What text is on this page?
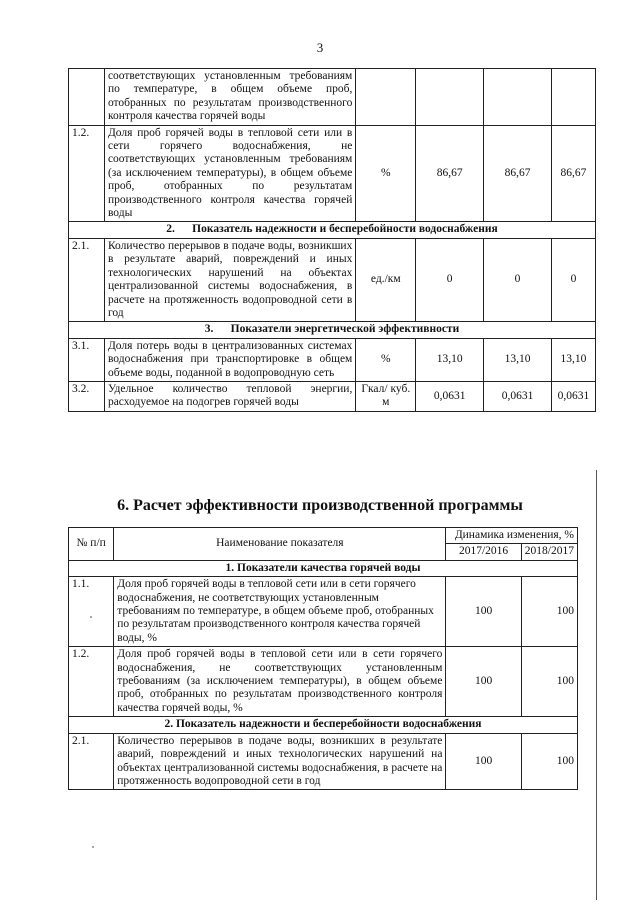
3
	соответствующих установленным требованиям по температуре, в общем объеме проб, отобранных по результатам производственного контроля качества горячей воды				
1.2.	Доля проб горячей воды в тепловой сети или в сети горячего водоснабжения, не соответствующих установленным требованиям (за исключением температуры), в общем объеме проб, отобранных по результатам производственного контроля качества горячей воды	%	86,67	86,67	86,67
2.      Показатель надежности и бесперебойности водоснабжения					
2.1.	Количество перерывов в подаче воды, возникших в результате аварий, повреждений и иных технологических нарушений на объектах централизованной системы водоснабжения, в расчете на протяженность водопроводной сети в год	ед./км	0	0	0
3.      Показатели энергетической эффективности					
3.1.	Доля потерь воды в централизованных системах водоснабжения при транспортировке в общем объеме воды, поданной в водопроводную сеть	%	13,10	13,10	13,10
3.2.	Удельное количество тепловой энергии, расходуемое на подогрев горячей воды	Гкал/ куб. м	0,0631	0,0631	0,0631
6. Расчет эффективности производственной программы
№ п/п	Наименование показателя	Динамика изменения, %	
		2017/2016	2018/2017
1. Показатели качества горячей воды			
1.1.	Доля проб горячей воды в тепловой сети или в сети горячего водоснабжения, не соответствующих установленным требованиям по температуре, в общем объеме проб, отобранных по результатам производственного контроля качества горячей воды, %	100	100
1.2.	Доля проб горячей воды в тепловой сети или в сети горячего водоснабжения, не соответствующих установленным требованиям (за исключением температуры), в общем объеме проб, отобранных по результатам производственного контроля качества горячей воды, %	100	100
2. Показатель надежности и бесперебойности водоснабжения			
2.1.	Количество перерывов в подаче воды, возникших в результате аварий, повреждений и иных технологических нарушений на объектах централизованной системы водоснабжения, в расчете на протяженность водопроводной сети в год	100	100
